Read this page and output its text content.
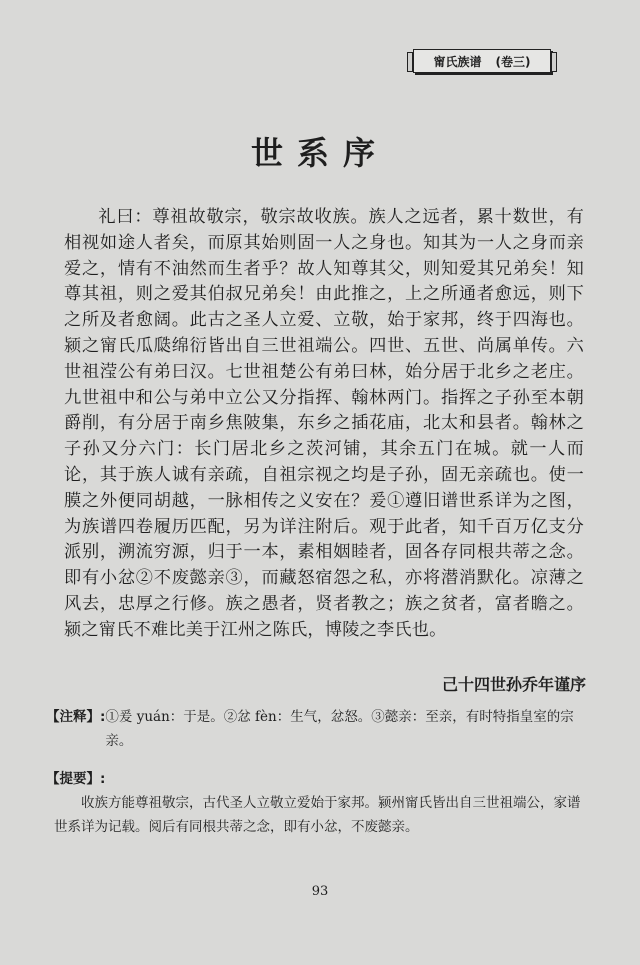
甯氏族谱 (卷三)
世系序

礼曰：尊祖故敬宗，敬宗故收族。族人之远者，累十数世，有相视如途人者矣，而原其始则固一人之身也。知其为一人之身而亲爱之，情有不油然而生者乎？故人知尊其父，则知爱其兄弟矣！知尊其祖，则之爱其伯叔兄弟矣！由此推之，上之所通者愈远，则下之所及者愈阔。此古之圣人立爱、立敬，始于家邦，终于四海也。颍之甯氏瓜瓞绵衍皆出自三世祖端公。四世、五世、尚属单传。六世祖滢公有弟曰汉。七世祖楚公有弟曰林，始分居于北乡之老庄。九世祖中和公与弟中立公又分指挥、翰林两门。指挥之子孙至本朝爵削，有分居于南乡焦陂集，东乡之插花庙，北太和县者。翰林之子孙又分六门：长门居北乡之茨河铺，其余五门在城。就一人而论，其于族人诚有亲疏，自祖宗视之均是子孙，固无亲疏也。使一膜之外便同胡越，一脉相传之义安在？爰①遵旧谱世系详为之图，为族谱四卷履历匹配，另为详注附后。观于此者，知千百万亿支分派别，溯流穷源，归于一本，素相姻睦者，固各存同根共蒂之念。即有小忿②不废懿亲③，而藏怒宿怨之私，亦将潜消默化。凉薄之风去，忠厚之行修。族之愚者，贤者教之；族之贫者，富者瞻之。颍之甯氏不难比美于江州之陈氏，博陵之李氏也。

己十四世孙乔年谨序
【注释】: ①爰 yuán：于是。②忿 fèn：生气，忿怒。③懿亲：至亲，有时特指皇室的宗亲。
【提要】:
收族方能尊祖敬宗，古代圣人立敬立爱始于家邦。颍州甯氏皆出自三世祖端公，家谱世系详为记载。阅后有同根共蒂之念，即有小忿，不废懿亲。
93
